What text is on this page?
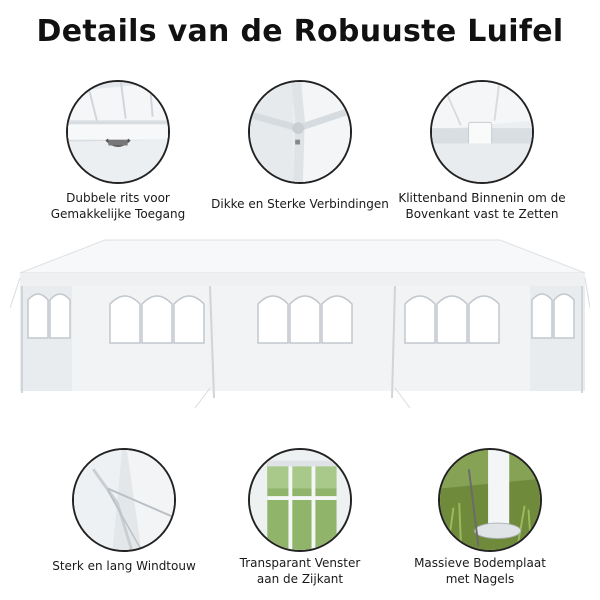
Details van de Robuuste Luifel
Dubbele rits voor
Gemakkelijke Toegang
Dikke en Sterke Verbindingen Klittenband Binnenin om de
Bovenkant vast te Zetten
Sterk en lang Windtouw	Transparant Venster
aan de Zijkant
Massieve Bodemplaat
met Nagels
